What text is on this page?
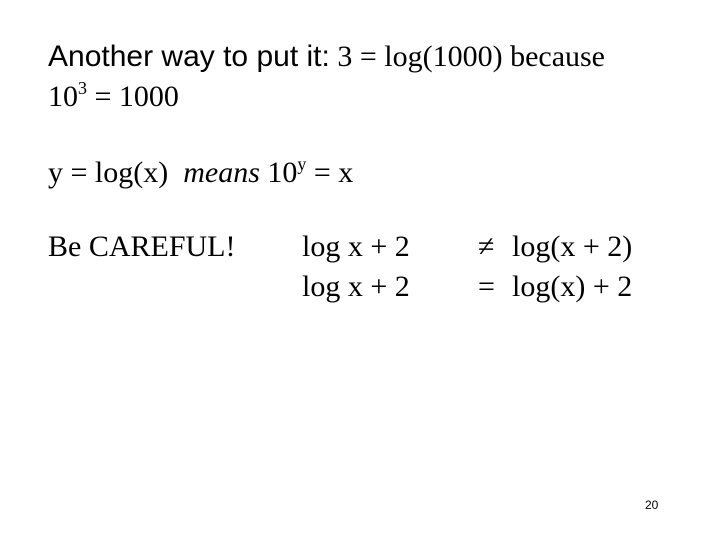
Another way to put it: 3 = log(1000) because
$10^3 = 1000$
y = log(x) means $10^y = x$
Be CAREFUL! log x + 2 ≠ log(x + 2)
log x + 2 = log(x) + 2
20
